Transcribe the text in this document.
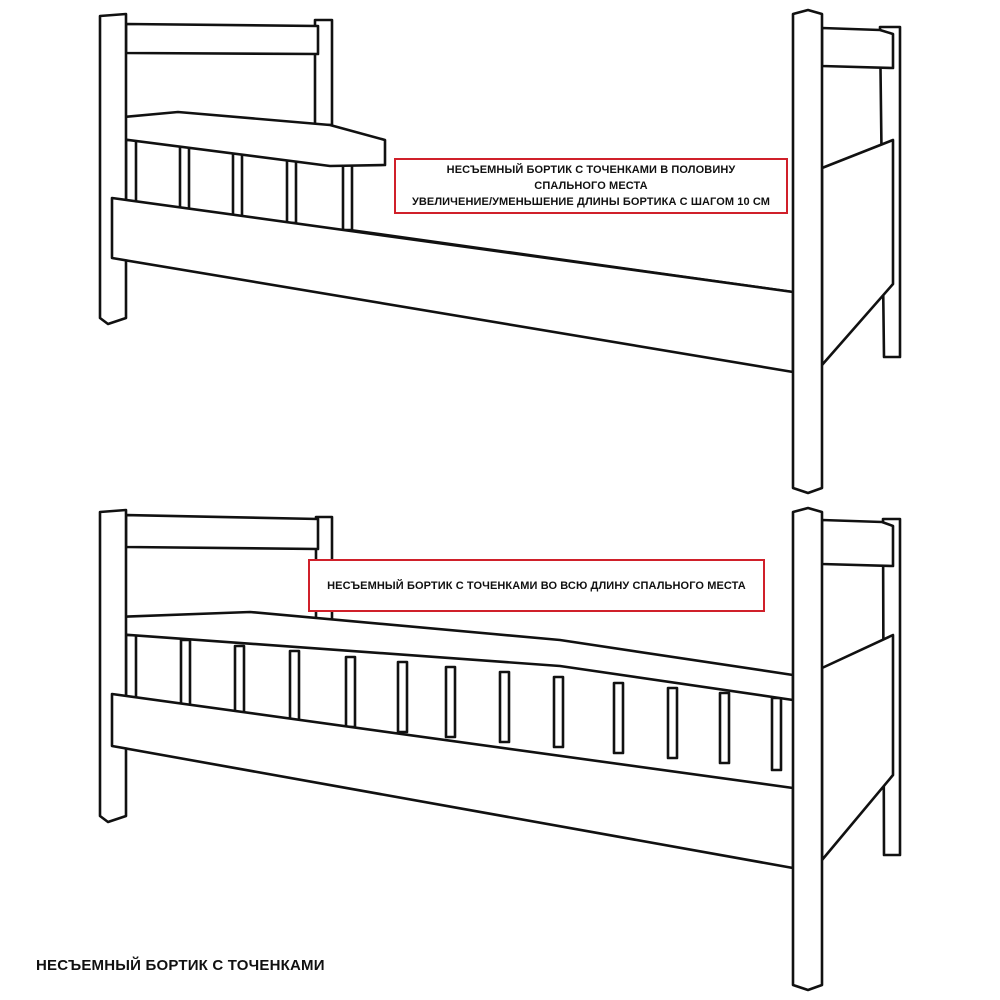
НЕСЪЕМНЫЙ БОРТИК С ТОЧЕНКАМИ В ПОЛОВИНУ
СПАЛЬНОГО МЕСТА
УВЕЛИЧЕНИЕ/УМЕНЬШЕНИЕ ДЛИНЫ БОРТИКА С ШАГОМ 10 СМ
НЕСЪЕМНЫЙ БОРТИК С ТОЧЕНКАМИ ВО ВСЮ ДЛИНУ СПАЛЬНОГО МЕСТА
НЕСЪЕМНЫЙ БОРТИК С ТОЧЕНКАМИ
